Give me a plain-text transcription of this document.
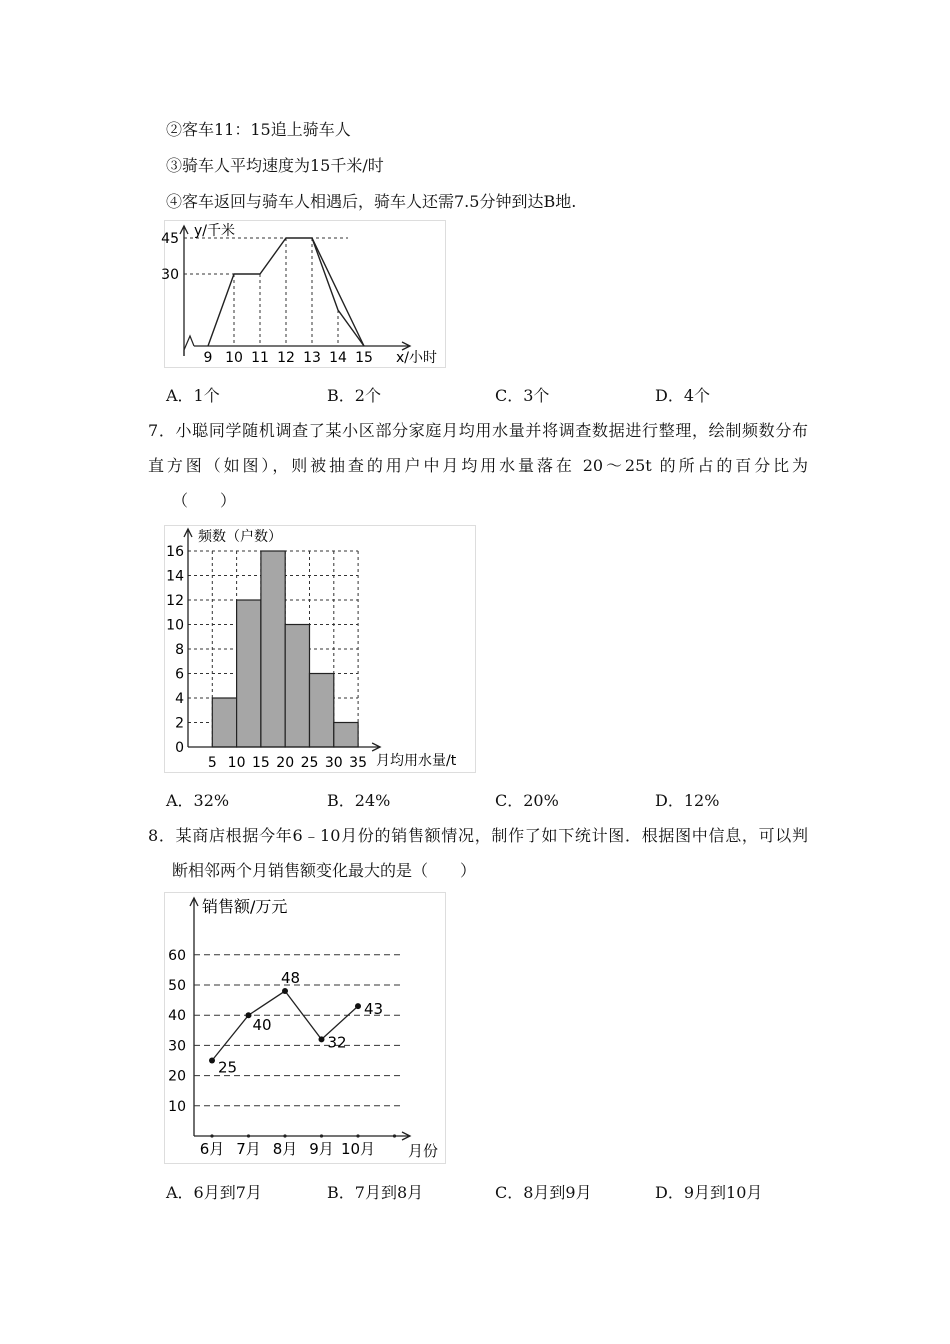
②客车11：15追上骑车人
③骑车人平均速度为15千米/时
④客车返回与骑车人相遇后，骑车人还需7.5分钟到达B地.
30
45
9 10 11 12 13 14 15 x/小时
y/千米
A．1个	B．2个	C．3个	D．4个
7．小聪同学随机调查了某小区部分家庭月均用水量并将调查数据进行整理，绘制频数分布
直方图（如图），则被抽查的用户中月均用水量落在 20～25t 的所占的百分比为
（　　）
0
2
4
6
8
10
12
14
16
5 10 15 20 25 30 35
频数（户数）
月均用水量/t
A．32%	B．24%	C．20%	D．12%
8．某商店根据今年6﹣10月份的销售额情况，制作了如下统计图．根据图中信息，可以判
断相邻两个月销售额变化最大的是（　　）
10
20
30
40
50
60
6月 7月 8月 9月 10月
25
40
48
32
43
销售额/万元
月份
A．6月到7月	B．7月到8月	C．8月到9月	D．9月到10月
